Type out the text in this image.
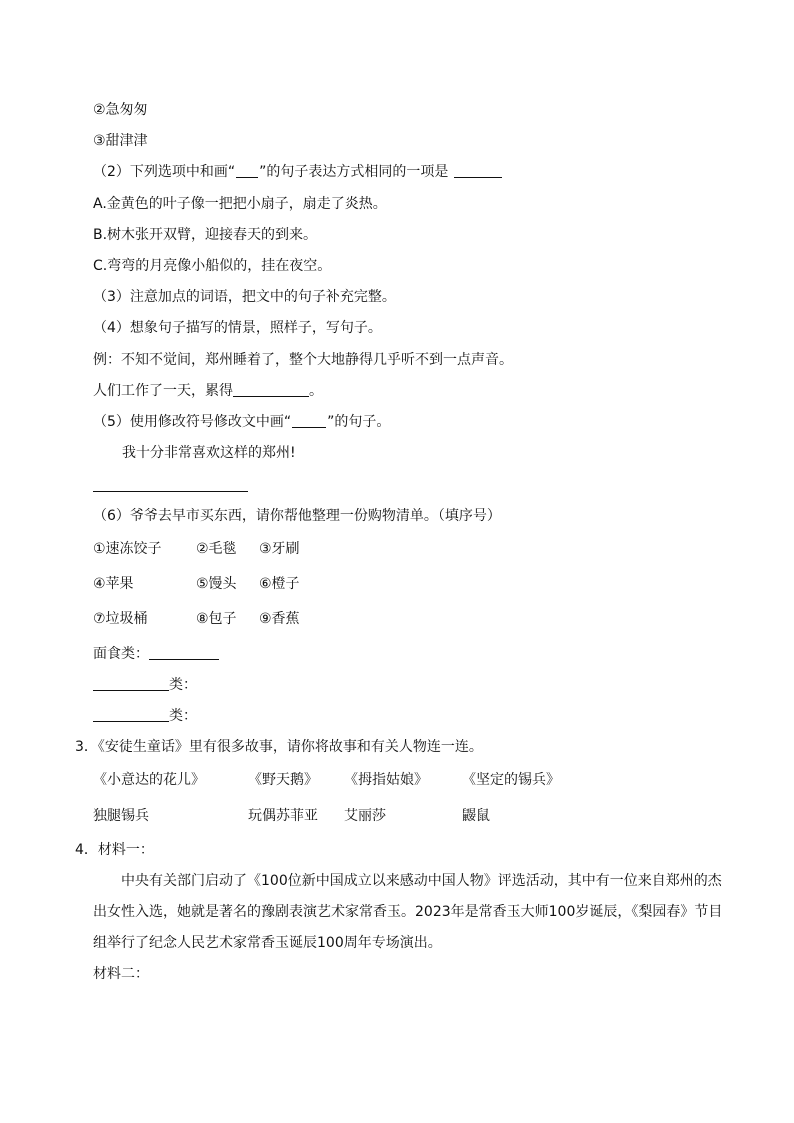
②急匆匆
③甜津津
（2）下列选项中和画“ ”的句子表达方式相同的一项是
A.金黄色的叶子像一把把小扇子，扇走了炎热。
B.树木张开双臂，迎接春天的到来。
C.弯弯的月亮像小船似的，挂在夜空。
（3）注意加点的词语，把文中的句子补充完整。
（4）想象句子描写的情景，照样子，写句子。
例：不知不觉间，郑州睡着了，整个大地静得几乎听不到一点声音。
人们工作了一天，累得	。
（5）使用修改符号修改文中画“	”的句子。
我十分非常喜欢这样的郑州!
（6）爷爷去早市买东西，请你帮他整理一份购物清单。（填序号）
①速冻饺子 ②毛毯 ③牙刷
④苹果	⑤馒头 ⑥橙子
⑦垃圾桶	⑧包子 ⑨香蕉
面食类：
类：
类：
3．《安徒生童话》里有很多故事，请你将故事和有关人物连一连。
《小意达的花儿》	《野天鹅》 《拇指姑娘》 《坚定的锡兵》
独腿锡兵	玩偶苏菲亚 艾丽莎	鼹鼠
4．材料一：
中央有关部门启动了《100位新中国成立以来感动中国人物》评选活动，其中有一位来自郑州的杰出女性入选，她就是著名的豫剧表演艺术家常香玉。2023年是常香玉大师100岁诞辰，《梨园春》节目组举行了纪念人民艺术家常香玉诞辰100周年专场演出。
材料二：
